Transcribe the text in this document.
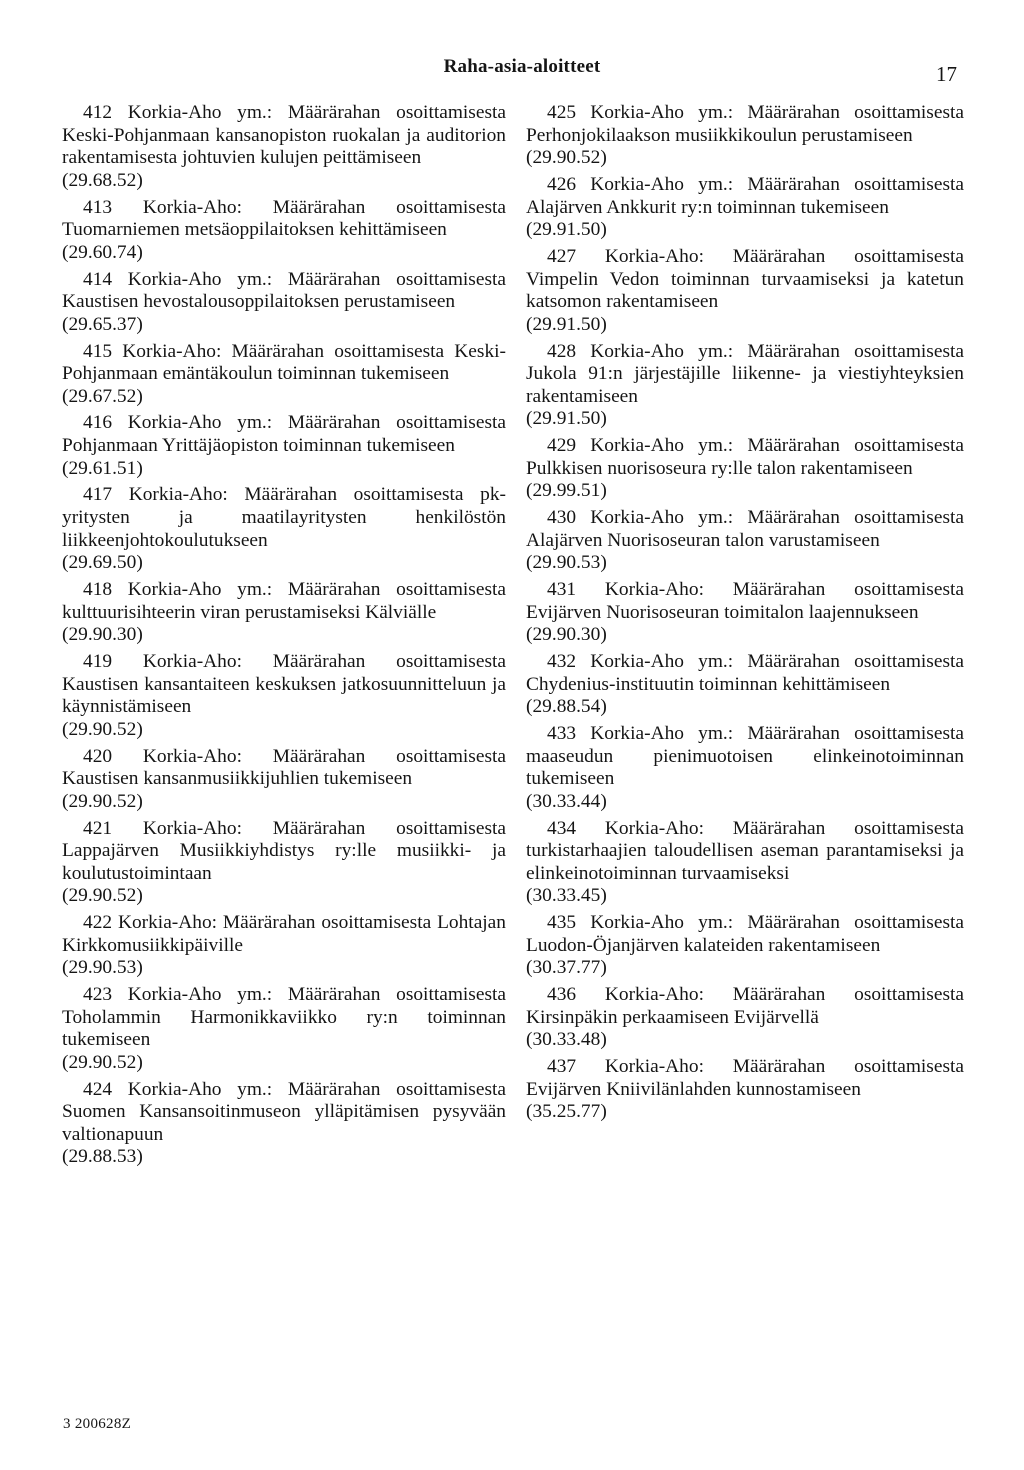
Raha-asia-aloitteet	17
412 Korkia-Aho ym.: Määrärahan osoittamisesta Keski-Pohjanmaan kansanopiston ruokalan ja auditorion rakentamisesta johtuvien kulujen peittämiseen
(29.68.52)
413 Korkia-Aho: Määrärahan osoittamisesta Tuomarniemen metsäoppilaitoksen kehittämiseen
(29.60.74)
414 Korkia-Aho ym.: Määrärahan osoittamisesta Kaustisen hevostalousoppilaitoksen perustamiseen
(29.65.37)
415 Korkia-Aho: Määrärahan osoittamisesta Keski-Pohjanmaan emäntäkoulun toiminnan tukemiseen
(29.67.52)
416 Korkia-Aho ym.: Määrärahan osoittamisesta Pohjanmaan Yrittäjäopiston toiminnan tukemiseen
(29.61.51)
417 Korkia-Aho: Määrärahan osoittamisesta pk-yritysten ja maatilayritysten henkilöstön liikkeenjohtokoulutukseen
(29.69.50)
418 Korkia-Aho ym.: Määrärahan osoittamisesta kulttuurisihteerin viran perustamiseksi Kälviälle
(29.90.30)
419 Korkia-Aho: Määrärahan osoittamisesta Kaustisen kansantaiteen keskuksen jatkosuunnitteluun ja käynnistämiseen
(29.90.52)
420 Korkia-Aho: Määrärahan osoittamisesta Kaustisen kansanmusiikkijuhlien tukemiseen
(29.90.52)
421 Korkia-Aho: Määrärahan osoittamisesta Lappajärven Musiikkiyhdistys ry:lle musiikki- ja koulutustoimintaan
(29.90.52)
422 Korkia-Aho: Määrärahan osoittamisesta Lohtajan Kirkkomusiikkipäiville
(29.90.53)
423 Korkia-Aho ym.: Määrärahan osoittamisesta Toholammin Harmonikkaviikko ry:n toiminnan tukemiseen
(29.90.52)
424 Korkia-Aho ym.: Määrärahan osoittamisesta Suomen Kansansoitinmuseon ylläpitämisen pysyvään valtionapuun
(29.88.53)
425 Korkia-Aho ym.: Määrärahan osoittamisesta Perhonjokilaakson musiikkikoulun perustamiseen
(29.90.52)
426 Korkia-Aho ym.: Määrärahan osoittamisesta Alajärven Ankkurit ry:n toiminnan tukemiseen
(29.91.50)
427 Korkia-Aho: Määrärahan osoittamisesta Vimpelin Vedon toiminnan turvaamiseksi ja katetun katsomon rakentamiseen
(29.91.50)
428 Korkia-Aho ym.: Määrärahan osoittamisesta Jukola 91:n järjestäjille liikenne- ja viestiyhteyksien rakentamiseen
(29.91.50)
429 Korkia-Aho ym.: Määrärahan osoittamisesta Pulkkisen nuorisoseura ry:lle talon rakentamiseen
(29.99.51)
430 Korkia-Aho ym.: Määrärahan osoittamisesta Alajärven Nuorisoseuran talon varustamiseen
(29.90.53)
431 Korkia-Aho: Määrärahan osoittamisesta Evijärven Nuorisoseuran toimitalon laajennukseen
(29.90.30)
432 Korkia-Aho ym.: Määrärahan osoittamisesta Chydenius-instituutin toiminnan kehittämiseen
(29.88.54)
433 Korkia-Aho ym.: Määrärahan osoittamisesta maaseudun pienimuotoisen elinkeinotoiminnan tukemiseen
(30.33.44)
434 Korkia-Aho: Määrärahan osoittamisesta turkistarhaajien taloudellisen aseman parantamiseksi ja elinkeinotoiminnan turvaamiseksi
(30.33.45)
435 Korkia-Aho ym.: Määrärahan osoittamisesta Luodon-Öjanjärven kalateiden rakentamiseen
(30.37.77)
436 Korkia-Aho: Määrärahan osoittamisesta Kirsinpäkin perkaamiseen Evijärvellä
(30.33.48)
437 Korkia-Aho: Määrärahan osoittamisesta Evijärven Kniivilänlahden kunnostamiseen
(35.25.77)
3 200628Z
